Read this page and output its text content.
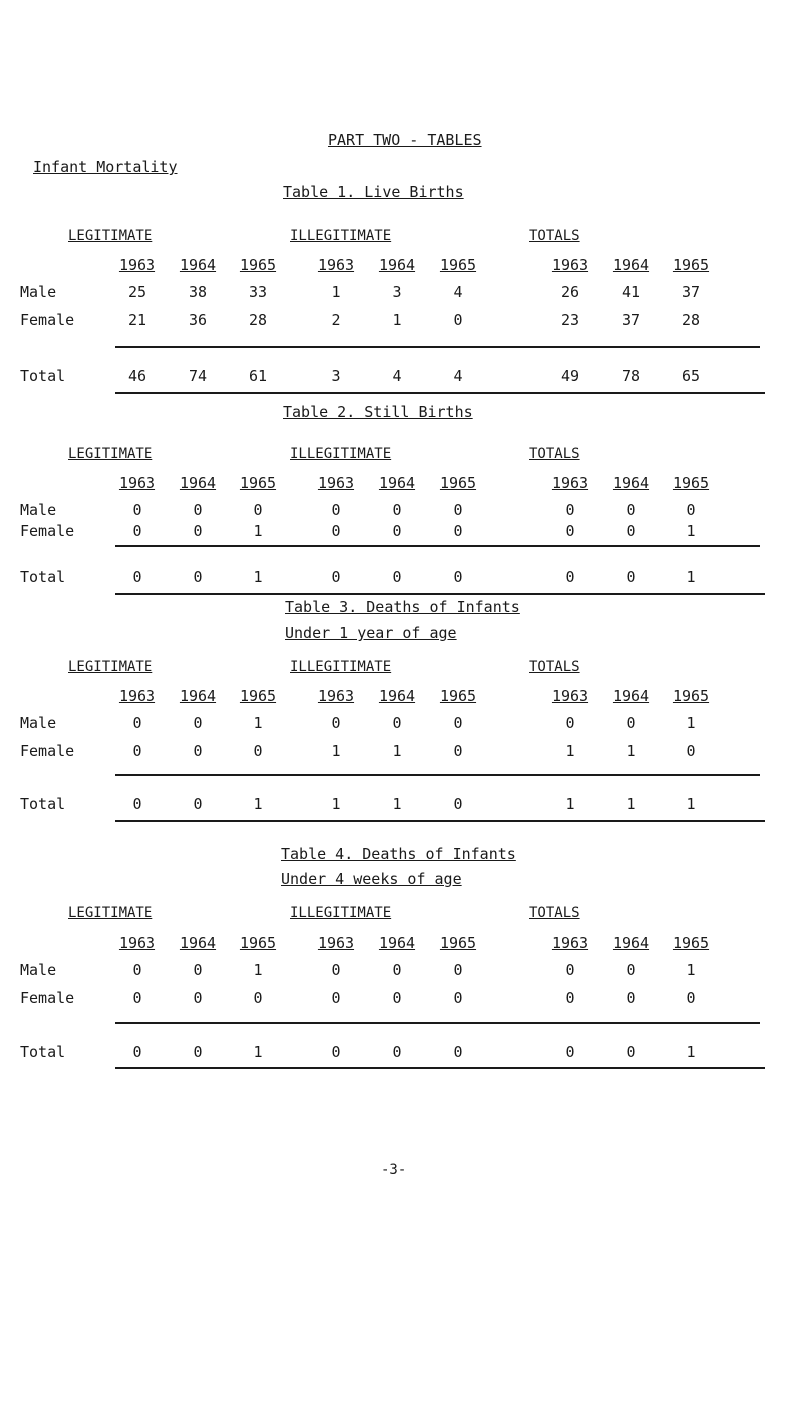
PART TWO - TABLES
Infant Mortality
-3-
Table 1. Live Births
LEGITIMATE	ILLEGITIMATE	TOTALS
1963	1964	1965	1963	1964	1965	1963	1964	1965
Male	25	38	33	1	3	4	26	41	37
Female	21	36	28	2	1	0	23	37	28
Total	46	74	61	3	4	4	49	78	65
Table 2. Still Births
LEGITIMATE	ILLEGITIMATE	TOTALS
1963	1964	1965	1963	1964	1965	1963	1964	1965
Male	0	0	0	0	0	0	0	0	0
Female	0	0	1	0	0	0	0	0	1
Total	0	0	1	0	0	0	0	0	1
Table 3. Deaths of Infants
Under 1 year of age
LEGITIMATE	ILLEGITIMATE	TOTALS
1963	1964	1965	1963	1964	1965	1963	1964	1965
Male	0	0	1	0	0	0	0	0	1
Female	0	0	0	1	1	0	1	1	0
Total	0	0	1	1	1	0	1	1	1
Table 4. Deaths of Infants
Under 4 weeks of age
LEGITIMATE	ILLEGITIMATE	TOTALS
1963	1964	1965	1963	1964	1965	1963	1964	1965
Male	0	0	1	0	0	0	0	0	1
Female	0	0	0	0	0	0	0	0	0
Total	0	0	1	0	0	0	0	0	1
